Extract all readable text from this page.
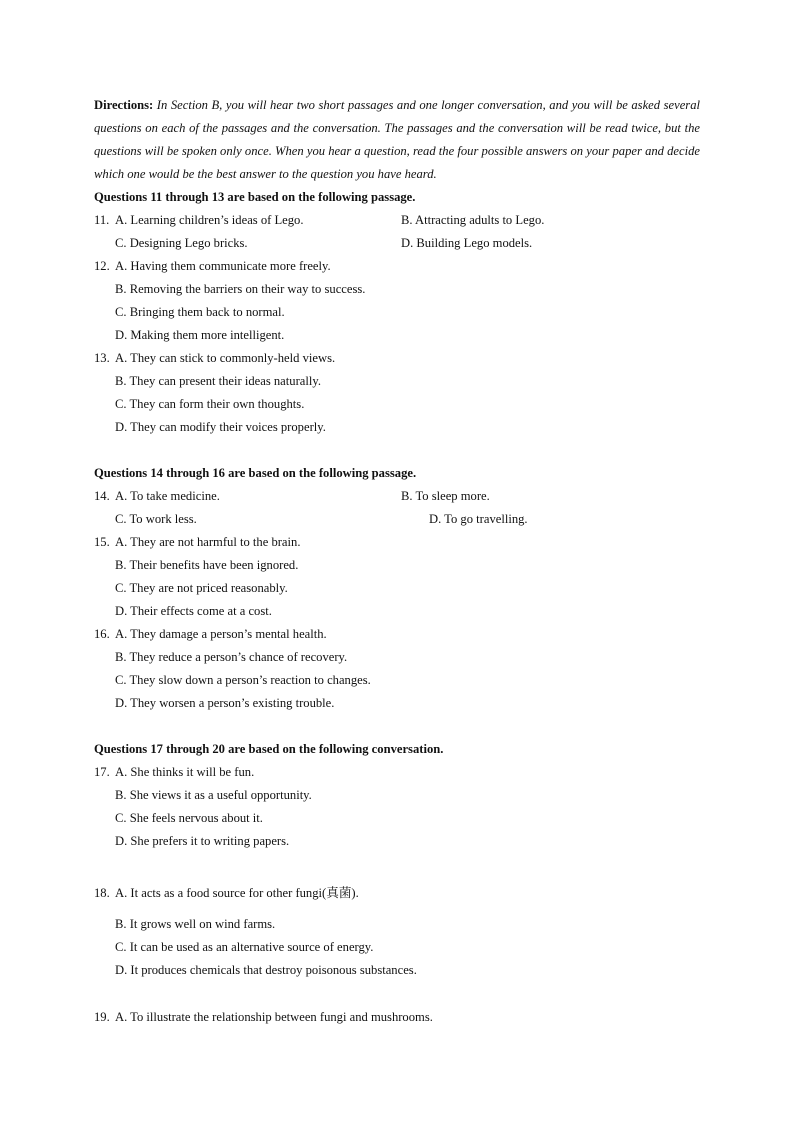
Directions: In Section B, you will hear two short passages and one longer conversation, and you will be asked several questions on each of the passages and the conversation. The passages and the conversation will be read twice, but the questions will be spoken only once. When you hear a question, read the four possible answers on your paper and decide which one would be the best answer to the question you have heard.

Questions 11 through 13 are based on the following passage.
11. A. Learning children’s ideas of Lego.	B. Attracting adults to Lego.
C. Designing Lego bricks.	D. Building Lego models.
12. A. Having them communicate more freely.
B. Removing the barriers on their way to success.
C. Bringing them back to normal.
D. Making them more intelligent.
13. A. They can stick to commonly-held views.
B. They can present their ideas naturally.
C. They can form their own thoughts.
D. They can modify their voices properly.
Questions 14 through 16 are based on the following passage.
14. A. To take medicine.	B. To sleep more.
C. To work less.	D. To go travelling.
15. A. They are not harmful to the brain.
B. Their benefits have been ignored.
C. They are not priced reasonably.
D. Their effects come at a cost.
16. A. They damage a person’s mental health.
B. They reduce a person’s chance of recovery.
C. They slow down a person’s reaction to changes.
D. They worsen a person’s existing trouble.
Questions 17 through 20 are based on the following conversation.
17. A. She thinks it will be fun.
B. She views it as a useful opportunity.
C. She feels nervous about it.
D. She prefers it to writing papers.
18. A. It acts as a food source for other fungi(真菌).
B. It grows well on wind farms.
C. It can be used as an alternative source of energy.
D. It produces chemicals that destroy poisonous substances.
19. A. To illustrate the relationship between fungi and mushrooms.
